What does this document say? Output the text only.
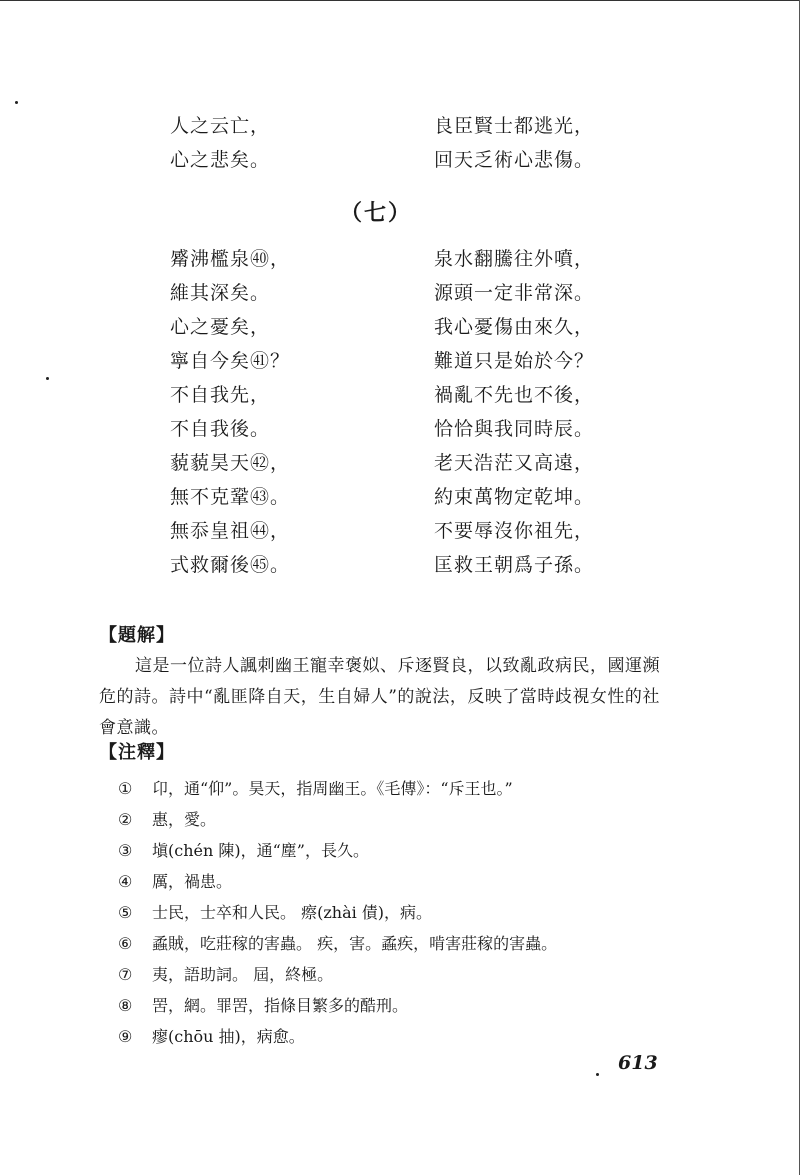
人之云亡，	良臣賢士都逃光，
心之悲矣。	回天乏術心悲傷。
（七）
觱沸檻泉㊵，	泉水翻騰往外噴，
維其深矣。	源頭一定非常深。
心之憂矣，	我心憂傷由來久，
寧自今矣㊶？	難道只是始於今？
不自我先，	禍亂不先也不後，
不自我後。	恰恰與我同時辰。
藐藐昊天㊷，	老天浩茫又高遠，
無不克鞏㊸。	約束萬物定乾坤。
無忝皇祖㊹，	不要辱沒你祖先，
式救爾後㊺。	匡救王朝爲子孫。
【題解】

這是一位詩人諷刺幽王寵幸褒姒、斥逐賢良，以致亂政病民，國運瀕危的詩。詩中“亂匪降自天，生自婦人”的說法，反映了當時歧視女性的社會意識。

【注釋】
① 卬，通“仰”。昊天，指周幽王。《毛傳》：“斥王也。”
② 惠，愛。
③ 塡(chén 陳)，通“塵”，長久。
④ 厲，禍患。
⑤ 士民，士卒和人民。 瘵(zhài 債)，病。
⑥ 蟊賊，吃莊稼的害蟲。 疾，害。蟊疾，啃害莊稼的害蟲。
⑦ 夷，語助詞。 屆，終極。
⑧ 罟，網。罪罟，指條目繁多的酷刑。
⑨ 瘳(chōu 抽)，病愈。
613
